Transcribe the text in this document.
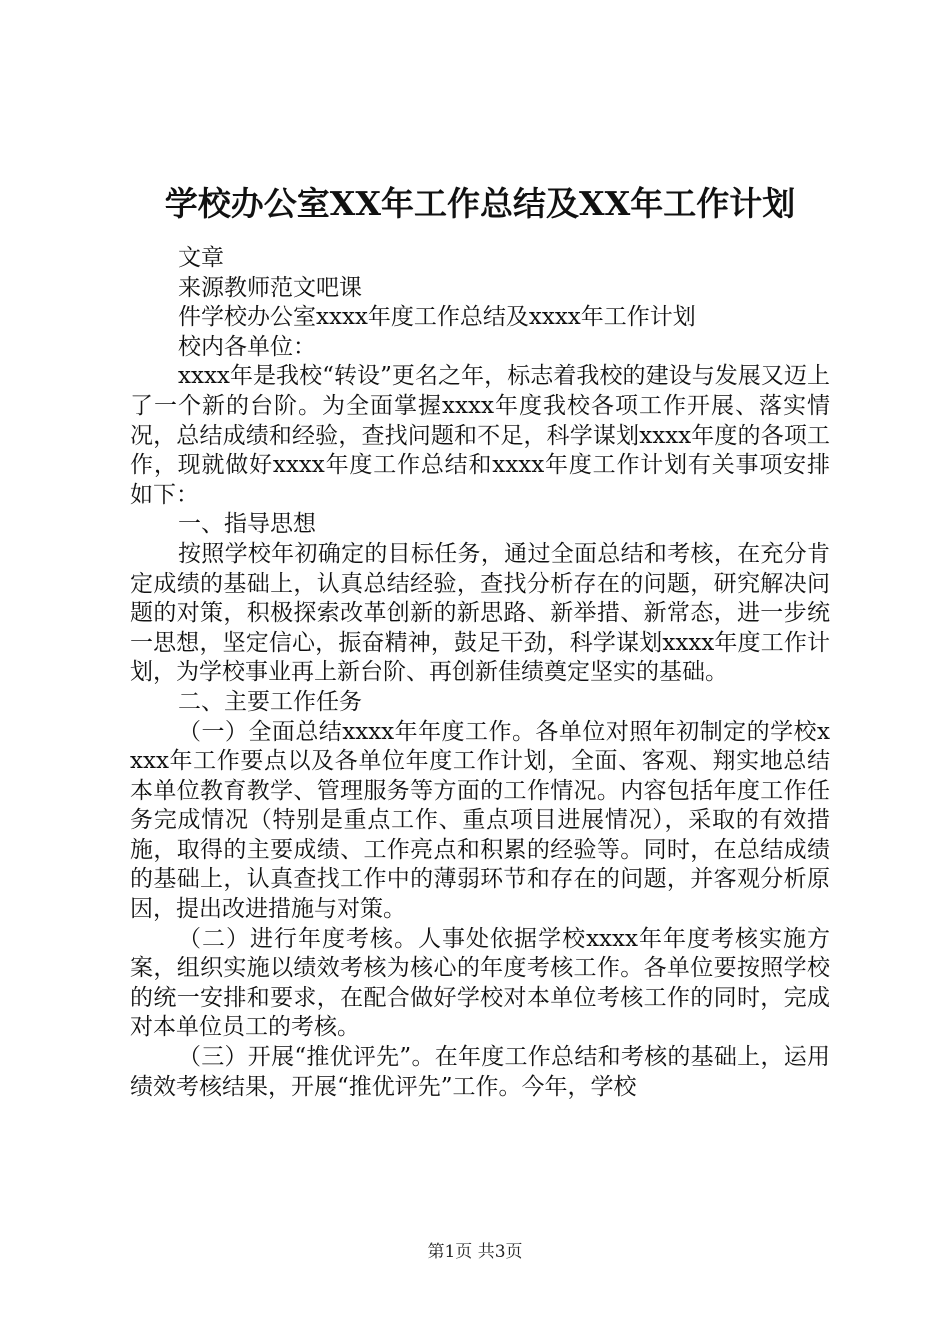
学校办公室XX年工作总结及XX年工作计划

文章

来源教师范文吧课

件学校办公室xxxx年度工作总结及xxxx年工作计划

校内各单位：

xxxx年是我校“转设”更名之年，标志着我校的建设与发展又迈上了一个新的台阶。为全面掌握xxxx年度我校各项工作开展、落实情况，总结成绩和经验，查找问题和不足，科学谋划xxxx年度的各项工作，现就做好xxxx年度工作总结和xxxx年度工作计划有关事项安排如下：

一、指导思想

按照学校年初确定的目标任务，通过全面总结和考核，在充分肯定成绩的基础上，认真总结经验，查找分析存在的问题，研究解决问题的对策，积极探索改革创新的新思路、新举措、新常态，进一步统一思想，坚定信心，振奋精神，鼓足干劲，科学谋划xxxx年度工作计划，为学校事业再上新台阶、再创新佳绩奠定坚实的基础。

二、主要工作任务

（一）全面总结xxxx年年度工作。各单位对照年初制定的学校xxxx年工作要点以及各单位年度工作计划，全面、客观、翔实地总结本单位教育教学、管理服务等方面的工作情况。内容包括年度工作任务完成情况（特别是重点工作、重点项目进展情况），采取的有效措施，取得的主要成绩、工作亮点和积累的经验等。同时，在总结成绩的基础上，认真查找工作中的薄弱环节和存在的问题，并客观分析原因，提出改进措施与对策。

（二）进行年度考核。人事处依据学校xxxx年年度考核实施方案，组织实施以绩效考核为核心的年度考核工作。各单位要按照学校的统一安排和要求，在配合做好学校对本单位考核工作的同时，完成对本单位员工的考核。

（三）开展“推优评先”。在年度工作总结和考核的基础上，运用绩效考核结果，开展“推优评先”工作。今年，学校

第1页 共3页
